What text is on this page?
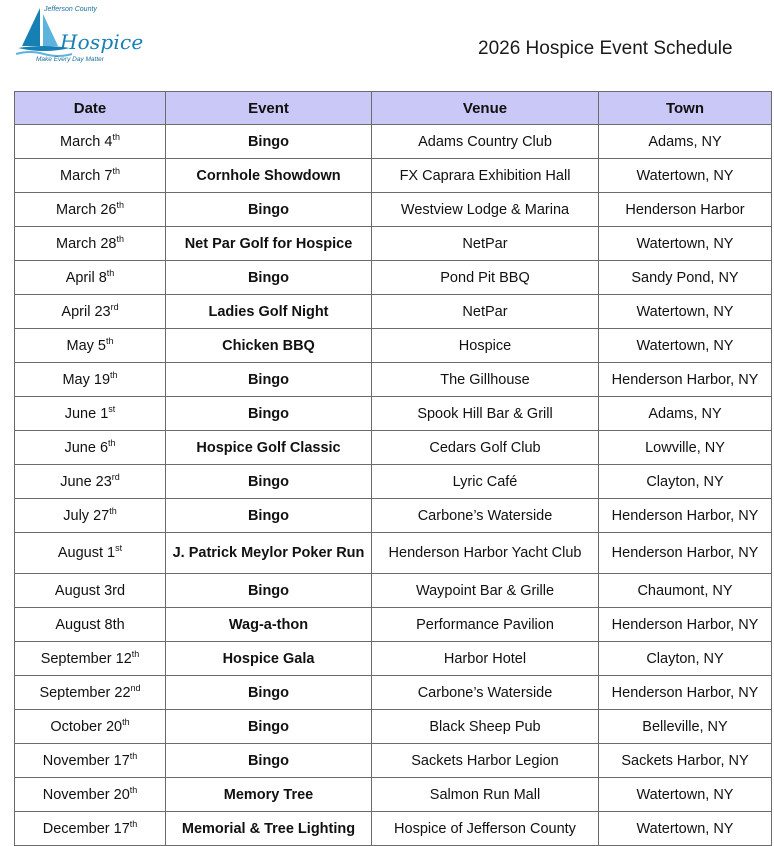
Jefferson County
Hospice
Make Every Day Matter
2026 Hospice Event Schedule
Date	Event	Venue	Town
March 4th	Bingo	Adams Country Club	Adams, NY
March 7th	Cornhole Showdown	FX Caprara Exhibition Hall	Watertown, NY
March 26th	Bingo	Westview Lodge & Marina	Henderson Harbor
March 28th	Net Par Golf for Hospice	NetPar	Watertown, NY
April 8th	Bingo	Pond Pit BBQ	Sandy Pond, NY
April 23rd	Ladies Golf Night	NetPar	Watertown, NY
May 5th	Chicken BBQ	Hospice	Watertown, NY
May 19th	Bingo	The Gillhouse	Henderson Harbor, NY
June 1st	Bingo	Spook Hill Bar & Grill	Adams, NY
June 6th	Hospice Golf Classic	Cedars Golf Club	Lowville, NY
June 23rd	Bingo	Lyric Café	Clayton, NY
July 27th	Bingo	Carbone’s Waterside	Henderson Harbor, NY
August 1st	J. Patrick Meylor Poker Run	Henderson Harbor Yacht Club	Henderson Harbor, NY
August 3rd	Bingo	Waypoint Bar & Grille	Chaumont, NY
August 8th	Wag-a-thon	Performance Pavilion	Henderson Harbor, NY
September 12th	Hospice Gala	Harbor Hotel	Clayton, NY
September 22nd	Bingo	Carbone’s Waterside	Henderson Harbor, NY
October 20th	Bingo	Black Sheep Pub	Belleville, NY
November 17th	Bingo	Sackets Harbor Legion	Sackets Harbor, NY
November 20th	Memory Tree	Salmon Run Mall	Watertown, NY
December 17th	Memorial & Tree Lighting	Hospice of Jefferson County	Watertown, NY
